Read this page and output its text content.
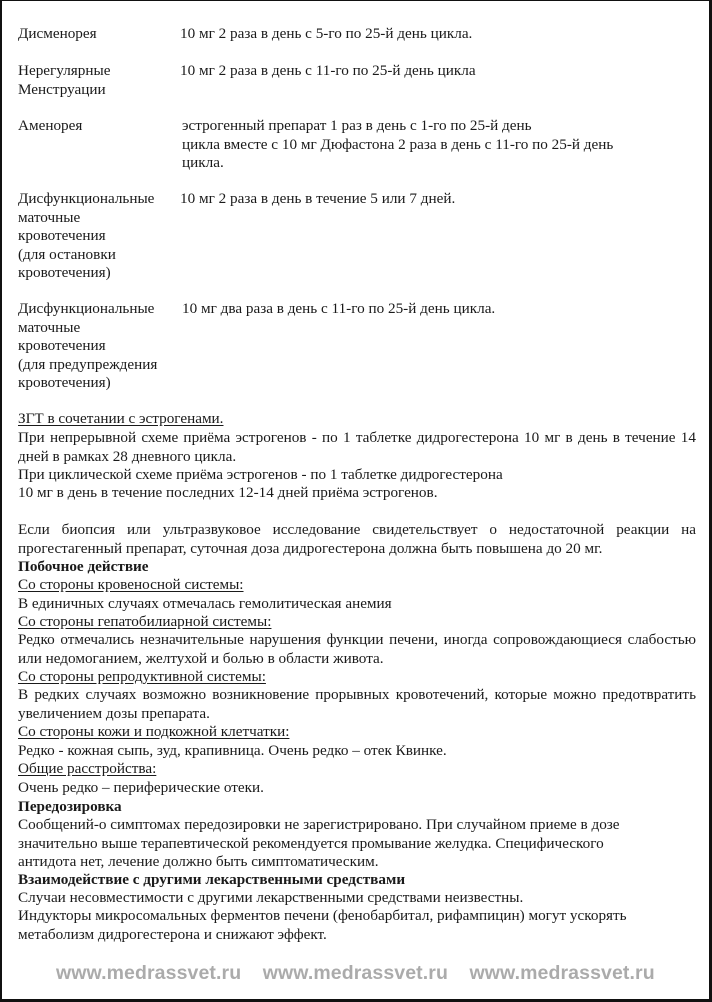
Дисменорея	10 мг 2 раза в день с 5-го по 25-й день цикла.
Нерегулярные
Менструации
10 мг 2 раза в день с 11-го по 25-й день цикла
Аменорея	эстрогенный препарат 1 раз в день с 1-го по 25-й день
цикла вместе с 10 мг Дюфастона 2 раза в день с 11-го по 25-й день
цикла.
Дисфункциональные
маточные
кровотечения
(для остановки
кровотечения)
10 мг 2 раза в день в течение 5 или 7 дней.
Дисфункциональные
маточные
кровотечения
(для предупреждения
кровотечения)
10 мг два раза в день с 11-го по 25-й день цикла.
ЗГТ в сочетании с эстрогенами.
При непрерывной схеме приёма эстрогенов - по 1 таблетке дидрогестерона 10 мг в день в течение 14 дней в рамках 28 дневного цикла.
При циклической схеме приёма эстрогенов - по 1 таблетке дидрогестерона
10 мг в день в течение последних 12-14 дней приёма эстрогенов.
Если биопсия или ультразвуковое исследование свидетельствует о недостаточной реакции на прогестагенный препарат, суточная доза дидрогестерона должна быть повышена до 20 мг.
Побочное действие
Со стороны кровеносной системы:
В единичных случаях отмечалась гемолитическая анемия
Со стороны гепатобилиарной системы:
Редко отмечались незначительные нарушения функции печени, иногда сопровождающиеся слабостью или недомоганием, желтухой и болью в области живота.
Со стороны репродуктивной системы:
В редких случаях возможно возникновение прорывных кровотечений, которые можно предотвратить увеличением дозы препарата.
Со стороны кожи и подкожной клетчатки:
Редко - кожная сыпь, зуд, крапивница. Очень редко – отек Квинке.
Общие расстройства:
Очень редко – периферические отеки.
Передозировка
Сообщений-о симптомах передозировки не зарегистрировано. При случайном приеме в дозе
значительно выше терапевтической рекомендуется промывание желудка. Специфического
антидота нет, лечение должно быть симптоматическим.
Взаимодействие с другими лекарственными средствами
Случаи несовместимости с другими лекарственными средствами неизвестны.
Индукторы микросомальных ферментов печени (фенобарбитал, рифампицин) могут ускорять
метаболизм дидрогестерона и снижают эффект.
www.medrassvet.ru www.medrassvet.ru www.medrassvet.ru
